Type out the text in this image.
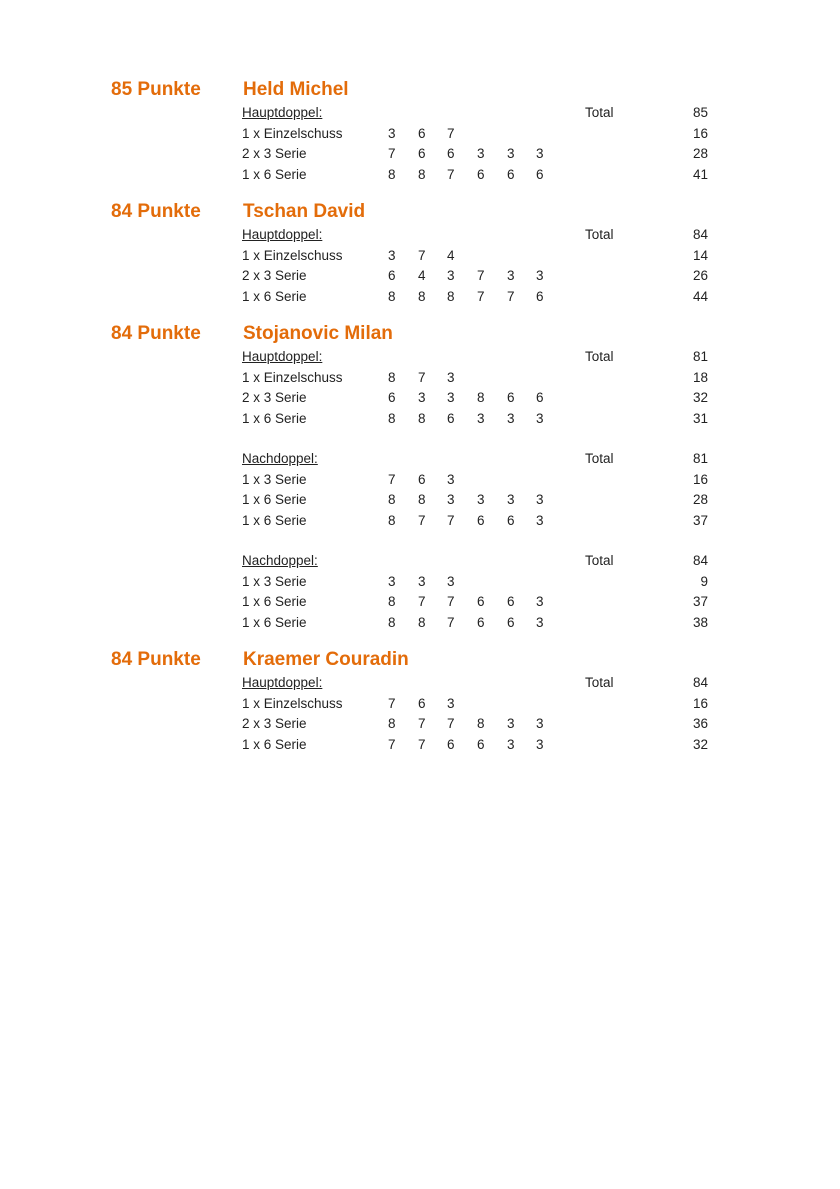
85 Punkte Held Michel
Hauptdoppel:	Total	85
1 x Einzelschuss	3 6 7	16
2 x 3 Serie	7 6 6 3 3 3	28
1 x 6 Serie	8 8 7 6 6 6	41
84 Punkte Tschan David
Hauptdoppel:	Total	84
1 x Einzelschuss	3 7 4	14
2 x 3 Serie	6 4 3 7 3 3	26
1 x 6 Serie	8 8 8 7 7 6	44
84 Punkte Stojanovic Milan
Hauptdoppel:	Total	81
1 x Einzelschuss	8 7 3	18
2 x 3 Serie	6 3 3 8 6 6	32
1 x 6 Serie	8 8 6 3 3 3	31
Nachdoppel:	Total	81
1 x 3 Serie	7 6 3	16
1 x 6 Serie	8 8 3 3 3 3	28
1 x 6 Serie	8 7 7 6 6 3	37
Nachdoppel:	Total	84
1 x 3 Serie	3 3 3	9
1 x 6 Serie	8 7 7 6 6 3	37
1 x 6 Serie	8 8 7 6 6 3	38
84 Punkte Kraemer Couradin
Hauptdoppel:	Total	84
1 x Einzelschuss	7 6 3	16
2 x 3 Serie	8 7 7 8 3 3	36
1 x 6 Serie	7 7 6 6 3 3	32
